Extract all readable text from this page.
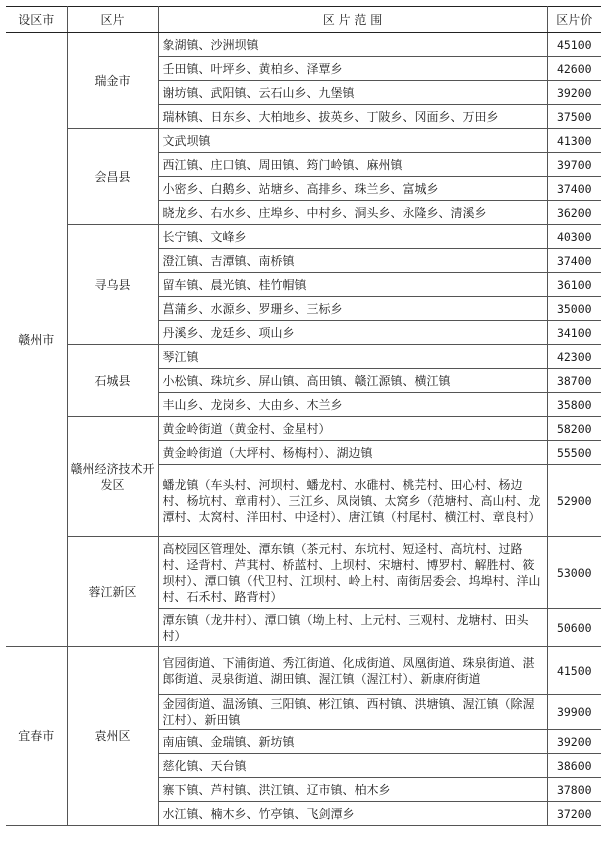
设区市	区片	区 片 范 围	区片价
赣州市	瑞金市	象湖镇、沙洲坝镇	45100
		壬田镇、叶坪乡、黄柏乡、泽覃乡	42600
		谢坊镇、武阳镇、云石山乡、九堡镇	39200
		瑞林镇、日东乡、大柏地乡、拔英乡、丁陂乡、冈面乡、万田乡	37500
	会昌县	文武坝镇	41300
		西江镇、庄口镇、周田镇、筠门岭镇、麻州镇	39700
		小密乡、白鹅乡、站塘乡、高排乡、珠兰乡、富城乡	37400
		晓龙乡、右水乡、庄埠乡、中村乡、洞头乡、永隆乡、清溪乡	36200
	寻乌县	长宁镇、文峰乡	40300
		澄江镇、吉潭镇、南桥镇	37400
		留车镇、晨光镇、桂竹帽镇	36100
		菖蒲乡、水源乡、罗珊乡、三标乡	35000
		丹溪乡、龙廷乡、项山乡	34100
	石城县	琴江镇	42300
		小松镇、珠坑乡、屏山镇、高田镇、赣江源镇、横江镇	38700
		丰山乡、龙岗乡、大由乡、木兰乡	35800
	赣州经济技术开发区	黄金岭街道（黄金村、金星村）	58200
		黄金岭街道（大坪村、杨梅村）、湖边镇	55500
		蟠龙镇（车头村、河坝村、蟠龙村、水碓村、桃芫村、田心村、杨边村、杨坑村、章甫村）、三江乡、凤岗镇、太窝乡（范塘村、高山村、龙潭村、太窝村、洋田村、中迳村）、唐江镇（村尾村、横江村、章良村）	52900
	蓉江新区	高校园区管理处、潭东镇（茶元村、东坑村、短迳村、高坑村、过路村、迳背村、芦萁村、桥蓝村、上坝村、宋塘村、博罗村、解胜村、筱坝村）、潭口镇（代卫村、江坝村、岭上村、南街居委会、坞埠村、洋山村、石禾村、路背村）	53000
		潭东镇（龙井村）、潭口镇（坳上村、上元村、三观村、龙塘村、田头村）	50600
宜春市	袁州区	官园街道、下浦街道、秀江街道、化成街道、凤凰街道、珠泉街道、湛郎街道、灵泉街道、湖田镇、渥江镇（渥江村）、新康府街道	41500
		金园街道、温汤镇、三阳镇、彬江镇、西村镇、洪塘镇、渥江镇（除渥江村）、新田镇	39900
		南庙镇、金瑞镇、新坊镇	39200
		慈化镇、天台镇	38600
		寨下镇、芦村镇、洪江镇、辽市镇、柏木乡	37800
		水江镇、楠木乡、竹亭镇、飞剑潭乡	37200
